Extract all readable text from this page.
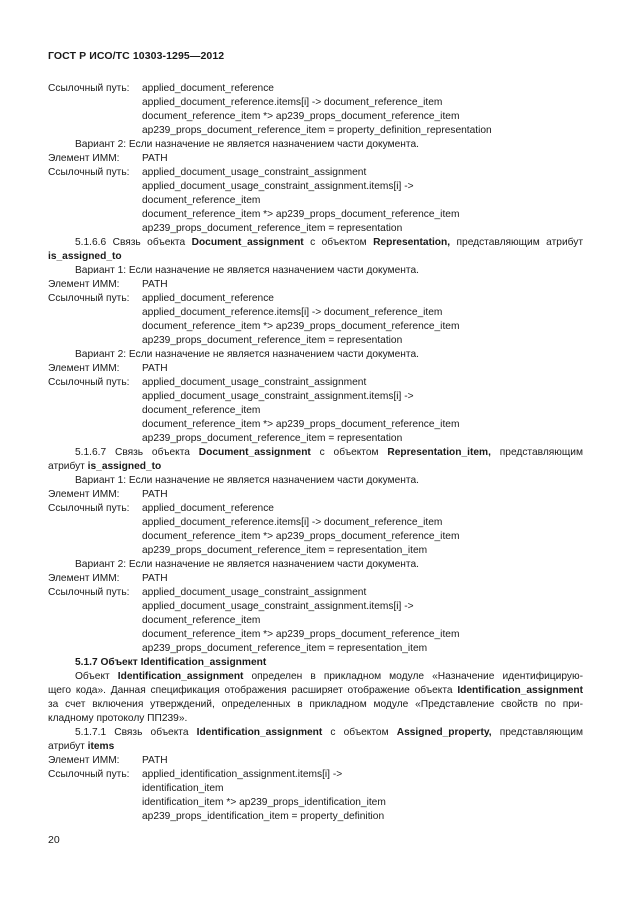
ГОСТ Р ИСО/ТС 10303-1295—2012
Ссылочный путь: applied_document_reference
applied_document_reference.items[i] -> document_reference_item
document_reference_item *> ap239_props_document_reference_item
ap239_props_document_reference_item = property_definition_representation
Вариант 2: Если назначение не является назначением части документа.
Элемент ИММ: PATH
Ссылочный путь: applied_document_usage_constraint_assignment
applied_document_usage_constraint_assignment.items[i] ->
document_reference_item
document_reference_item *> ap239_props_document_reference_item
ap239_props_document_reference_item = representation
5.1.6.6 Связь объекта Document_assignment с объектом Representation, представляющим атрибут
is_assigned_to
Вариант 1: Если назначение не является назначением части документа.
Элемент ИММ: PATH
Ссылочный путь: applied_document_reference
applied_document_reference.items[i] -> document_reference_item
document_reference_item *> ap239_props_document_reference_item
ap239_props_document_reference_item = representation
Вариант 2: Если назначение не является назначением части документа.
Элемент ИММ: PATH
Ссылочный путь: applied_document_usage_constraint_assignment
applied_document_usage_constraint_assignment.items[i] ->
document_reference_item
document_reference_item *> ap239_props_document_reference_item
ap239_props_document_reference_item = representation
5.1.6.7 Связь объекта Document_assignment с объектом Representation_item, представляющим
атрибут is_assigned_to
Вариант 1: Если назначение не является назначением части документа.
Элемент ИММ: PATH
Ссылочный путь: applied_document_reference
applied_document_reference.items[i] -> document_reference_item
document_reference_item *> ap239_props_document_reference_item
ap239_props_document_reference_item = representation_item
Вариант 2: Если назначение не является назначением части документа.
Элемент ИММ: PATH
Ссылочный путь: applied_document_usage_constraint_assignment
applied_document_usage_constraint_assignment.items[i] ->
document_reference_item
document_reference_item *> ap239_props_document_reference_item
ap239_props_document_reference_item = representation_item
5.1.7 Объект Identification_assignment
Объект Identification_assignment определен в прикладном модуле «Назначение идентифицирую-
щего кода». Данная спецификация отображения расширяет отображение объекта Identification_assignment
за счет включения утверждений, определенных в прикладном модуле «Представление свойств по при-
кладному протоколу ПП239».
5.1.7.1 Связь объекта Identification_assignment с объектом Assigned_property, представляющим
атрибут items
Элемент ИММ: PATH
Ссылочный путь: applied_identification_assignment.items[i] ->
identification_item
identification_item *> ap239_props_identification_item
ap239_props_identification_item = property_definition
20
